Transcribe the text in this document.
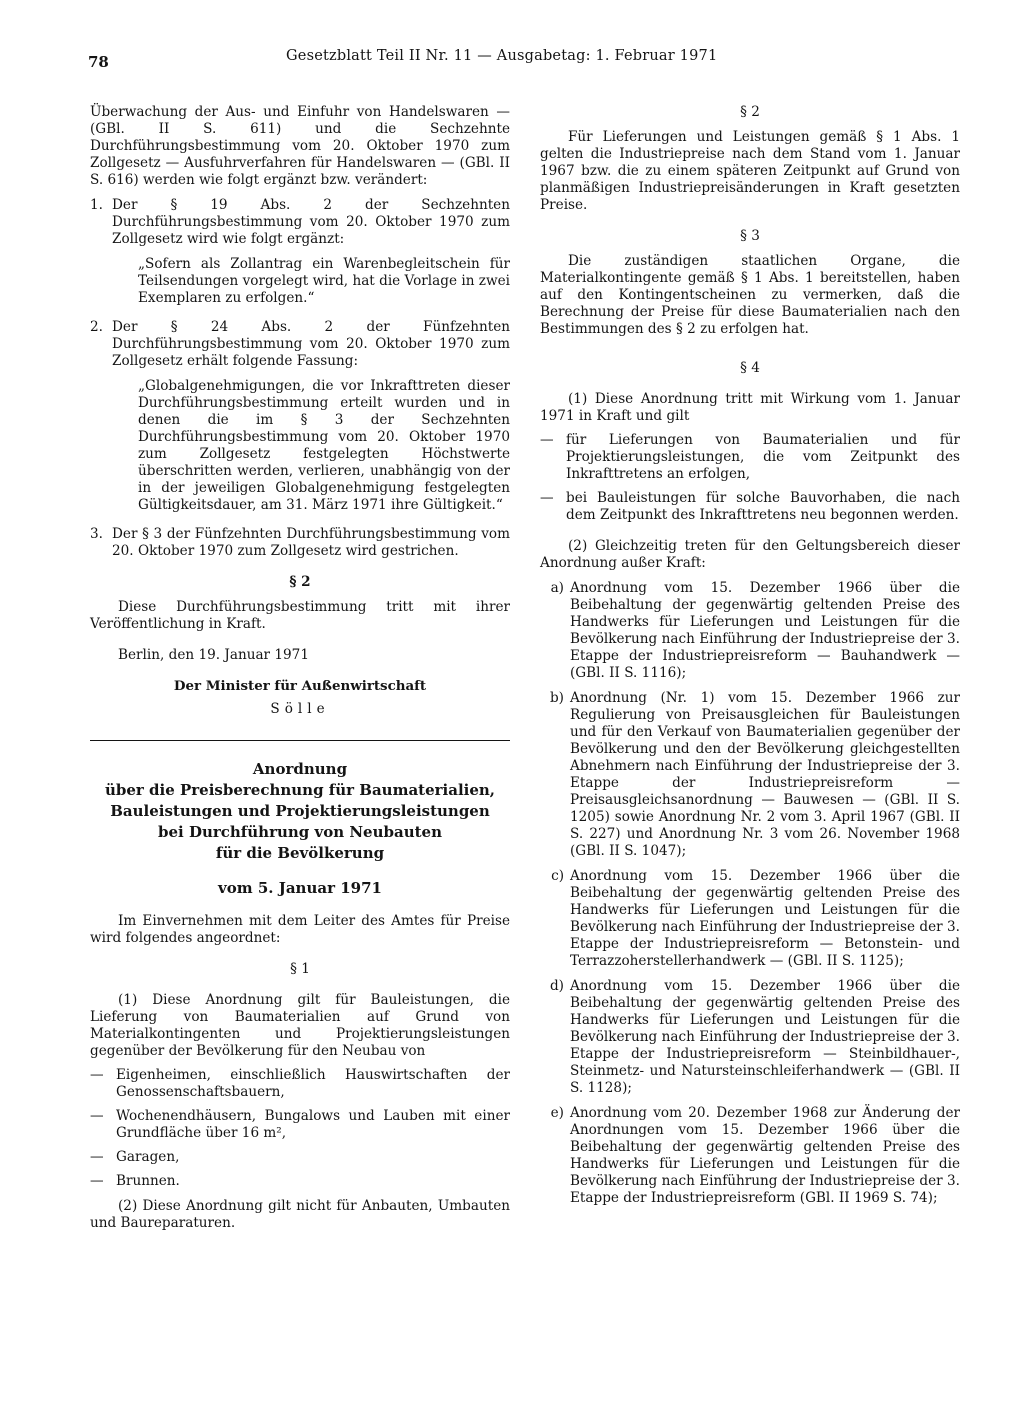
78	Gesetzblatt Teil II Nr. 11 — Ausgabetag: 1. Februar 1971

Überwachung der Aus- und Einfuhr von Handelswaren — (GBl. II S. 611) und die Sechzehnte Durchführungsbestimmung vom 20. Oktober 1970 zum Zollgesetz — Ausfuhrverfahren für Handelswaren — (GBl. II S. 616) werden wie folgt ergänzt bzw. verändert:

1. Der § 19 Abs. 2 der Sechzehnten Durchführungsbestimmung vom 20. Oktober 1970 zum Zollgesetz wird wie folgt ergänzt:

„Sofern als Zollantrag ein Warenbegleitschein für Teilsendungen vorgelegt wird, hat die Vorlage in zwei Exemplaren zu erfolgen.“

2. Der § 24 Abs. 2 der Fünfzehnten Durchführungsbestimmung vom 20. Oktober 1970 zum Zollgesetz erhält folgende Fassung:

„Globalgenehmigungen, die vor Inkrafttreten dieser Durchführungsbestimmung erteilt wurden und in denen die im § 3 der Sechzehnten Durchführungsbestimmung vom 20. Oktober 1970 zum Zollgesetz festgelegten Höchstwerte überschritten werden, verlieren, unabhängig von der in der jeweiligen Globalgenehmigung festgelegten Gültigkeitsdauer, am 31. März 1971 ihre Gültigkeit.“

3. Der § 3 der Fünfzehnten Durchführungsbestimmung vom 20. Oktober 1970 zum Zollgesetz wird gestrichen.

§ 2

Diese Durchführungsbestimmung tritt mit ihrer Veröffentlichung in Kraft.

Berlin, den 19. Januar 1971

Der Minister für Außenwirtschaft

Sölle

Anordnung

über die Preisberechnung für Baumaterialien,

Bauleistungen und Projektierungsleistungen

bei Durchführung von Neubauten

für die Bevölkerung

vom 5. Januar 1971

Im Einvernehmen mit dem Leiter des Amtes für Preise wird folgendes angeordnet:

§ 1

(1) Diese Anordnung gilt für Bauleistungen, die Lieferung von Baumaterialien auf Grund von Materialkontingenten und Projektierungsleistungen gegenüber der Bevölkerung für den Neubau von

— Eigenheimen, einschließlich Hauswirtschaften der Genossenschaftsbauern,
— Wochenendhäusern, Bungalows und Lauben mit einer Grundfläche über 16 m²,
— Garagen,
— Brunnen.

(2) Diese Anordnung gilt nicht für Anbauten, Umbauten und Baureparaturen.

§ 2

Für Lieferungen und Leistungen gemäß § 1 Abs. 1 gelten die Industriepreise nach dem Stand vom 1. Januar 1967 bzw. die zu einem späteren Zeitpunkt auf Grund von planmäßigen Industriepreisänderungen in Kraft gesetzten Preise.

§ 3

Die zuständigen staatlichen Organe, die Materialkontingente gemäß § 1 Abs. 1 bereitstellen, haben auf den Kontingentscheinen zu vermerken, daß die Berechnung der Preise für diese Baumaterialien nach den Bestimmungen des § 2 zu erfolgen hat.

§ 4

(1) Diese Anordnung tritt mit Wirkung vom 1. Januar 1971 in Kraft und gilt

— für Lieferungen von Baumaterialien und für Projektierungsleistungen, die vom Zeitpunkt des Inkrafttretens an erfolgen,
— bei Bauleistungen für solche Bauvorhaben, die nach dem Zeitpunkt des Inkrafttretens neu begonnen werden.

(2) Gleichzeitig treten für den Geltungsbereich dieser Anordnung außer Kraft:

a) Anordnung vom 15. Dezember 1966 über die Beibehaltung der gegenwärtig geltenden Preise des Handwerks für Lieferungen und Leistungen für die Bevölkerung nach Einführung der Industriepreise der 3. Etappe der Industriepreisreform — Bauhandwerk — (GBl. II S. 1116);
b) Anordnung (Nr. 1) vom 15. Dezember 1966 zur Regulierung von Preisausgleichen für Bauleistungen und für den Verkauf von Baumaterialien gegenüber der Bevölkerung und den der Bevölkerung gleichgestellten Abnehmern nach Einführung der Industriepreise der 3. Etappe der Industriepreisreform — Preisausgleichsanordnung — Bauwesen — (GBl. II S. 1205) sowie Anordnung Nr. 2 vom 3. April 1967 (GBl. II S. 227) und Anordnung Nr. 3 vom 26. November 1968 (GBl. II S. 1047);
c) Anordnung vom 15. Dezember 1966 über die Beibehaltung der gegenwärtig geltenden Preise des Handwerks für Lieferungen und Leistungen für die Bevölkerung nach Einführung der Industriepreise der 3. Etappe der Industriepreisreform — Betonstein- und Terrazzoherstellerhandwerk — (GBl. II S. 1125);
d) Anordnung vom 15. Dezember 1966 über die Beibehaltung der gegenwärtig geltenden Preise des Handwerks für Lieferungen und Leistungen für die Bevölkerung nach Einführung der Industriepreise der 3. Etappe der Industriepreisreform — Steinbildhauer-, Steinmetz- und Natursteinschleiferhandwerk — (GBl. II S. 1128);
e) Anordnung vom 20. Dezember 1968 zur Änderung der Anordnungen vom 15. Dezember 1966 über die Beibehaltung der gegenwärtig geltenden Preise des Handwerks für Lieferungen und Leistungen für die Bevölkerung nach Einführung der Industriepreise der 3. Etappe der Industriepreisreform (GBl. II 1969 S. 74);
